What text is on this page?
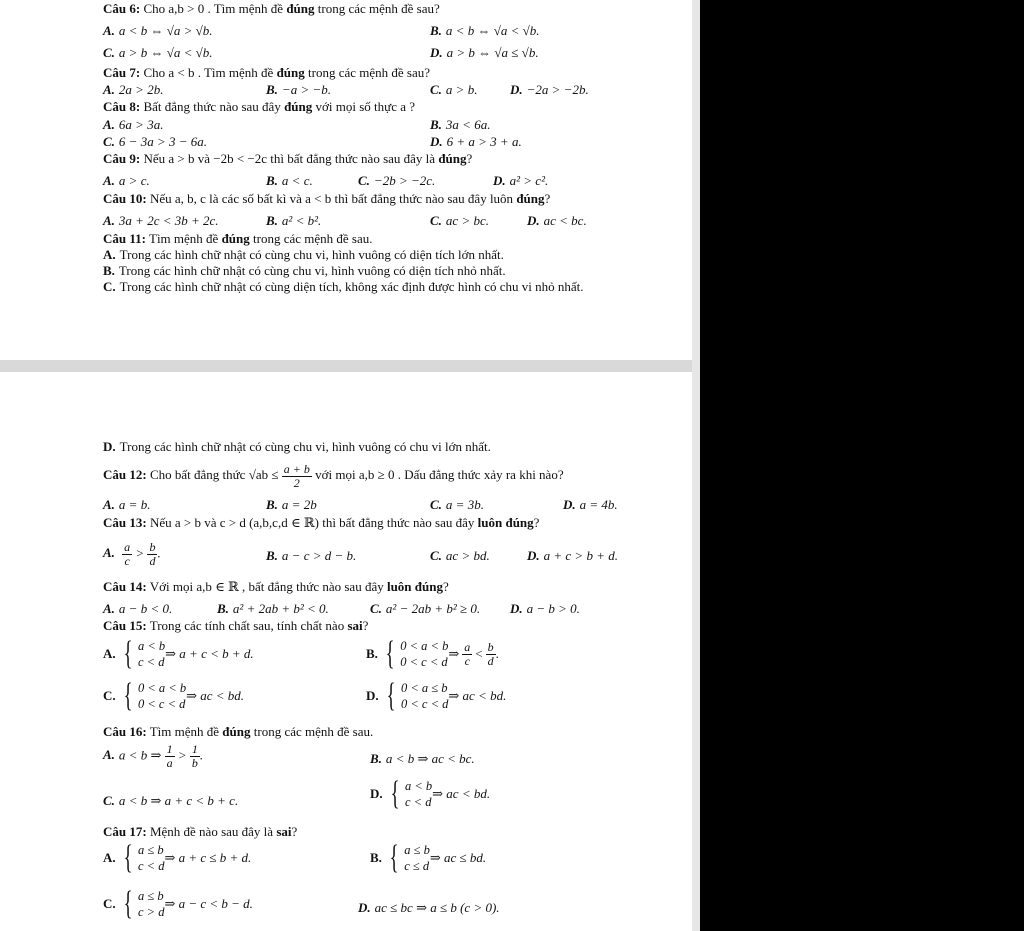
Câu 6: Cho a,b > 0 . Tìm mệnh đề đúng trong các mệnh đề sau?
A. a < b ⇔ √a > √b.	B. a < b ⇔ √a < √b.
C. a > b ⇔ √a < √b.	D. a > b ⇔ √a ≤ √b.
Câu 7: Cho a < b . Tìm mệnh đề đúng trong các mệnh đề sau?
A. 2a > 2b.	B. −a > −b.	C. a > b.	D. −2a > −2b.
Câu 8: Bất đẳng thức nào sau đây đúng với mọi số thực a ?
A. 6a > 3a.	B. 3a < 6a.
C. 6 − 3a > 3 − 6a.	D. 6 + a > 3 + a.
Câu 9: Nếu a > b và −2b < −2c thì bất đẳng thức nào sau đây là đúng?
A. a > c.	B. a < c.	C. −2b > −2c.	D. a² > c².
Câu 10: Nếu a, b, c là các số bất kì và a < b thì bất đẳng thức nào sau đây luôn đúng?
A. 3a + 2c < 3b + 2c.	B. a² < b².	C. ac > bc.	D. ac < bc.
Câu 11: Tìm mệnh đề đúng trong các mệnh đề sau.
A. Trong các hình chữ nhật có cùng chu vi, hình vuông có diện tích lớn nhất.
B. Trong các hình chữ nhật có cùng chu vi, hình vuông có diện tích nhỏ nhất.
C. Trong các hình chữ nhật có cùng diện tích, không xác định được hình có chu vi nhỏ nhất.
D. Trong các hình chữ nhật có cùng chu vi, hình vuông có chu vi lớn nhất.
Câu 12: Cho bất đẳng thức $√ab \le \frac{a + b}{2}$ với mọi a,b ≥ 0 . Dấu đẳng thức xảy ra khi nào?
A. a = b.	B. a = 2b	C. a = 3b.	D. a = 4b.
Câu 13: Nếu a > b và c > d (a,b,c,d ∈ ℝ) thì bất đẳng thức nào sau đây luôn đúng?
A. $\frac{a}{c} > \frac{b}{d}$ .	B. a − c > d − b.	C. ac > bd.	D. a + c > b + d.
Câu 14: Với mọi a,b ∈ ℝ , bất đẳng thức nào sau đây luôn đúng?
A. a − b < 0.	B. a² + 2ab + b² < 0.	C. a² − 2ab + b² ≥ 0. D. a − b > 0.
Câu 15: Trong các tính chất sau, tính chất nào sai?
A. { a < b
c < d
⇒ a + c < b + d.	B. { 0 < a < b
0 < c < d
⇒ $\frac{a}{c} < \frac{b}{d}$ .
C. { 0 < a < b
0 < c < d
⇒ ac < bd.	D. { 0 < a ≤ b
0 < c < d
⇒ ac < bd.
Câu 16: Tìm mệnh đề đúng trong các mệnh đề sau.
A. a < b ⇒ $\frac{1}{a} > \frac{1}{b}$ .	B. a < b ⇒ ac < bc.
C. a < b ⇒ a + c < b + c.	D. { a < b
c < d
⇒ ac < bd.
Câu 17: Mệnh đề nào sau đây là sai?
A. { a ≤ b
c < d
⇒ a + c ≤ b + d.	B. { a ≤ b
c ≤ d
⇒ ac ≤ bd.
C. { a ≤ b
c > d
⇒ a − c < b − d.	D. ac ≤ bc ⇒ a ≤ b (c > 0).
